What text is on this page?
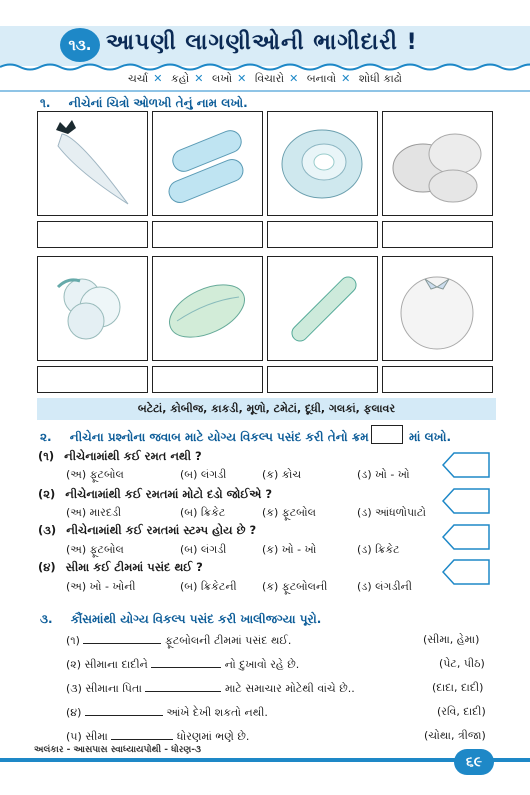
૧૩. આપણી લાગણીઓની ભાગીદારી !
ચર્ચા ✕ કહો ✕ લખો ✕ વિચારો ✕ બનાવો ✕ શોધી કાઢો
૧. નીચેનાં ચિત્રો ઓળખી તેનું નામ લખો.
બટેટાં, કોબીજ, કાકડી, મૂળો, ટમેટાં, દૂધી, ગલકાં, ફલાવર
૨. નીચેના પ્રશ્નોના જવાબ માટે યોગ્ય વિકલ્પ પસંદ કરી તેનો ક્રમ	માં લખો.
(૧) નીચેનામાંથી કઈ રમત નથી ?
(અ) ફૂટબોલ	(બ) લંગડી	(ક) કોચ	(ડ) ખો - ખો
(૨) નીચેનામાંથી કઈ રમતમાં મોટો દડો જોઈએ ?
(અ) મારદડી	(બ) ક્રિકેટ	(ક) ફૂટબોલ	(ડ) આંધળોપાટો
(૩) નીચેનામાંથી કઈ રમતમાં સ્ટમ્પ હોય છે ?
(અ) ફૂટબોલ	(બ) લંગડી	(ક) ખો - ખો	(ડ) ક્રિકેટ
(૪) સીમા કઈ ટીમમાં પસંદ થઈ ?
(અ) ખો - ખોની	(બ) ક્રિકેટની (ક) ફૂટબોલની	(ડ) લંગડીની
૩. કૌંસમાંથી યોગ્ય વિકલ્પ પસંદ કરી ખાલીજગ્યા પૂરો.
(૧)	ફૂટબોલની ટીમમાં પસંદ થઈ.	(સીમા, હેમા)
(૨) સીમાના દાદીને	નો દુખાવો રહે છે.	(પેટ, પીઠ)
(૩) સીમાના પિતા	માટે સમાચાર મોટેથી વાંચે છે..	(દાદા, દાદી)
(૪)	આંખે દેખી શકતો નથી.	(રવિ, દાદી)
(૫) સીમા	ધોરણમાં ભણે છે.	(ચોથા, ત્રીજા)
અલંકાર - આસપાસ સ્વાધ્યાયપોથી - ધોરણ-૩
૬૯
